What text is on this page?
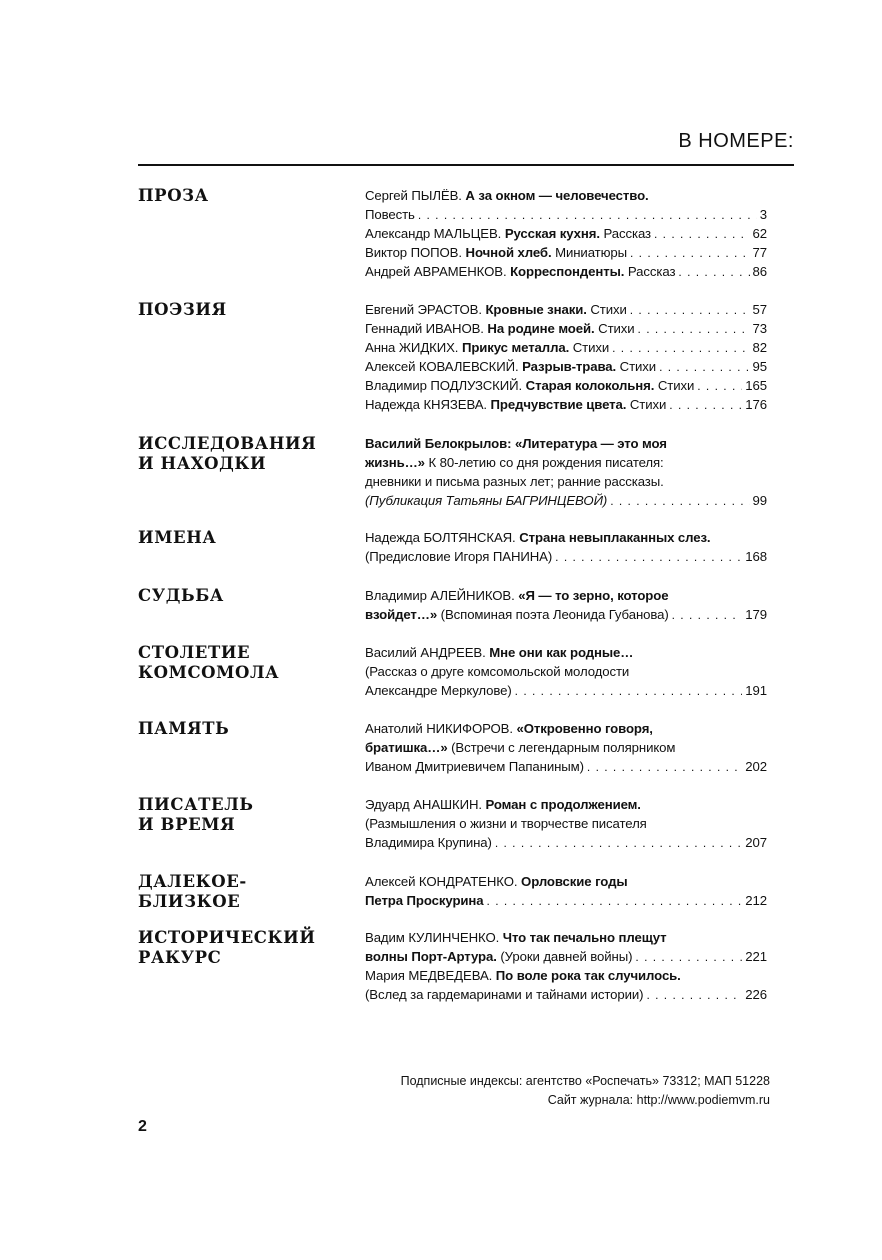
В НОМЕРЕ:
ПРОЗА	Сергей ПЫЛЁВ. А за окном — человечество.
Повесть . . .	3
Александр МАЛЬЦЕВ. Русская кухня. Рассказ . . .	62
Виктор ПОПОВ. Ночной хлеб. Миниатюры . . .	77
Андрей АВРАМЕНКОВ. Корреспонденты. Рассказ . . .	86
ПОЭЗИЯ	Евгений ЭРАСТОВ. Кровные знаки. Стихи . . .	57
Геннадий ИВАНОВ. На родине моей. Стихи . . .	73
Анна ЖИДКИХ. Прикус металла. Стихи . . .	82
Алексей КОВАЛЕВСКИЙ. Разрыв-трава. Стихи . . .	95
Владимир ПОДЛУЗСКИЙ. Старая колокольня. Стихи . . .	165
Надежда КНЯЗЕВА. Предчувствие цвета. Стихи . . .	176
ИССЛЕДОВАНИЯ
И НАХОДКИ
Василий Белокрылов: «Литература — это моя
жизнь…» К 80-летию со дня рождения писателя:
дневники и письма разных лет; ранние рассказы.
(Публикация Татьяны БАГРИНЦЕВОЙ) . . .	99
ИМЕНА	Надежда БОЛТЯНСКАЯ. Страна невыплаканных слез.
(Предисловие Игоря ПАНИНА) . . .	168
СУДЬБА	Владимир АЛЕЙНИКОВ. «Я — то зерно, которое
взойдет…» (Вспоминая поэта Леонида Губанова) . . .	179
СТОЛЕТИЕ
КОМСОМОЛА
Василий АНДРЕЕВ. Мне они как родные…
(Рассказ о друге комсомольской молодости
Александре Меркулове) . . .	191
ПАМЯТЬ	Анатолий НИКИФОРОВ. «Откровенно говоря,
братишка…» (Встречи с легендарным полярником
Иваном Дмитриевичем Папаниным) . . .	202
ПИСАТЕЛЬ
И ВРЕМЯ
Эдуард АНАШКИН. Роман с продолжением.
(Размышления о жизни и творчестве писателя
Владимира Крупина) . . .	207
ДАЛЕКОЕ-
БЛИЗКОЕ
Алексей КОНДРАТЕНКО. Орловские годы
Петра Проскурина . . .	212
ИСТОРИЧЕСКИЙ
РАКУРС
Вадим КУЛИНЧЕНКО. Что так печально плещут
волны Порт-Артура. (Уроки давней войны) . . .	221
Мария МЕДВЕДЕВА. По воле рока так случилось.
(Вслед за гардемаринами и тайнами истории) . . .	226
Подписные индексы: агентство «Роспечать» 73312; МАП 51228
Сайт журнала: http://www.podiemvm.ru
2
